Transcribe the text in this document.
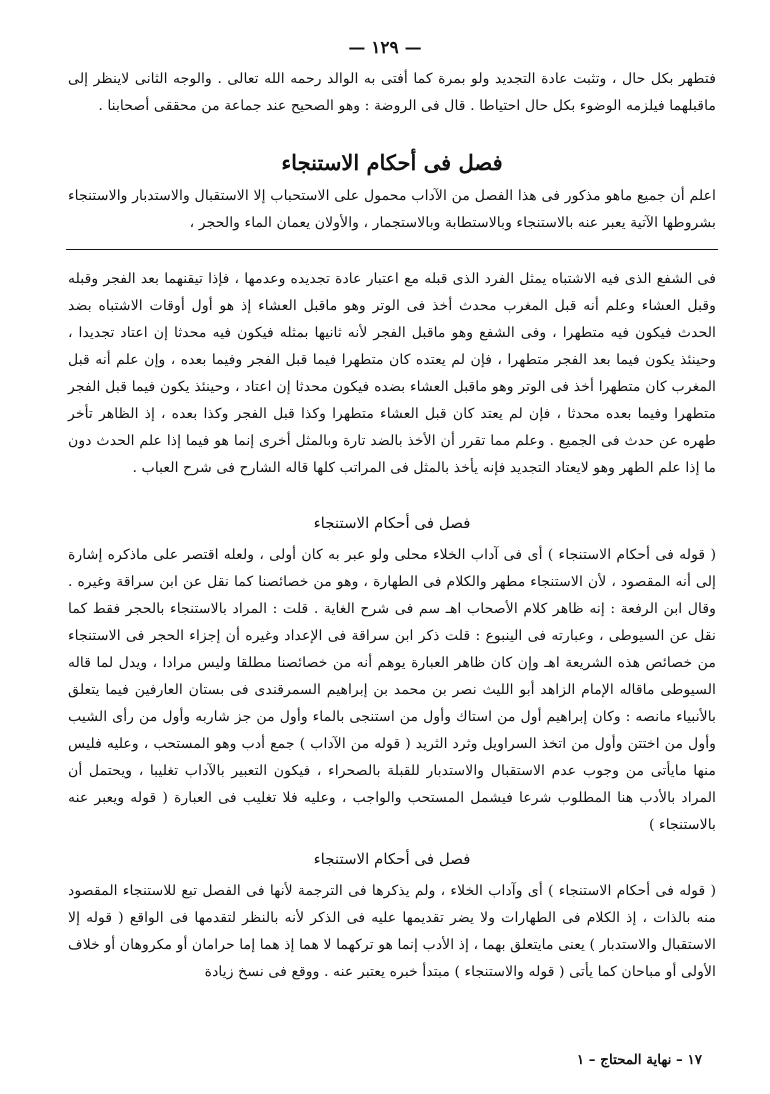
— ١٢٩ —

فتطهر بكل حال ، وتثبت عادة التجديد ولو بمرة كما أفتى به الوالد رحمه الله تعالى . والوجه الثانى لاينظر إلى ماقبلهما فيلزمه الوضوء بكل حال احتياطا . قال فى الروضة : وهو الصحيح عند جماعة من محققى أصحابنا .

فصل فى أحكام الاستنجاء

اعلم أن جميع ماهو مذكور فى هذا الفصل من الآداب محمول على الاستحباب إلا الاستقبال والاستدبار والاستنجاء بشروطها الآتية يعبر عنه بالاستنجاء وبالاستطابة وبالاستجمار ، والأولان يعمان الماء والحجر ،

فى الشفع الذى فيه الاشتباه يمثل الفرد الذى قبله مع اعتبار عادة تجديده وعدمها ، فإذا تيقنهما بعد الفجر وقبله وقبل العشاء وعلم أنه قبل المغرب محدث أخذ فى الوتر وهو ماقبل العشاء إذ هو أول أوقات الاشتباه بضد الحدث فيكون فيه متطهرا ، وفى الشفع وهو ماقبل الفجر لأنه ثانيها بمثله فيكون فيه محدثا إن اعتاد تجديدا ، وحينئذ يكون فيما بعد الفجر متطهرا ، فإن لم يعتده كان متطهرا فيما قبل الفجر وفيما بعده ، وإن علم أنه قبل المغرب كان متطهرا أخذ فى الوتر وهو ماقبل العشاء بضده فيكون محدثا إن اعتاد ، وحينئذ يكون فيما قبل الفجر متطهرا وفيما بعده محدثا ، فإن لم يعتد كان قبل العشاء متطهرا وكذا قبل الفجر وكذا بعده ، إذ الظاهر تأخر طهره عن حدث فى الجميع . وعلم مما تقرر أن الأخذ بالضد تارة وبالمثل أخرى إنما هو فيما إذا علم الحدث دون ما إذا علم الطهر وهو لايعتاد التجديد فإنه يأخذ بالمثل فى المراتب كلها قاله الشارح فى شرح العباب .

فصل فى أحكام الاستنجاء

( قوله فى أحكام الاستنجاء ) أى فى آداب الخلاء محلى ولو عبر به كان أولى ، ولعله اقتصر على ماذكره إشارة إلى أنه المقصود ، لأن الاستنجاء مطهر والكلام فى الطهارة ، وهو من خصائصنا كما نقل عن ابن سراقة وغيره . وقال ابن الرفعة : إنه ظاهر كلام الأصحاب اهـ سم فى شرح الغاية . قلت : المراد بالاستنجاء بالحجر فقط كما نقل عن السيوطى ، وعبارته فى الينبوع : قلت ذكر ابن سراقة فى الإعداد وغيره أن إجزاء الحجر فى الاستنجاء من خصائص هذه الشريعة اهـ وإن كان ظاهر العبارة يوهم أنه من خصائصنا مطلقا وليس مرادا ، ويدل لما قاله السيوطى ماقاله الإمام الزاهد أبو الليث نصر بن محمد بن إبراهيم السمرقندى فى بستان العارفين فيما يتعلق بالأنبياء مانصه : وكان إبراهيم أول من استاك وأول من استنجى بالماء وأول من جز شاربه وأول من رأى الشيب وأول من اختتن وأول من اتخذ السراويل وثرد الثريد ( قوله من الآداب ) جمع أدب وهو المستحب ، وعليه فليس منها مايأتى من وجوب عدم الاستقبال والاستدبار للقبلة بالصحراء ، فيكون التعبير بالآداب تغليبا ، ويحتمل أن المراد بالأدب هنا المطلوب شرعا فيشمل المستحب والواجب ، وعليه فلا تغليب فى العبارة ( قوله ويعبر عنه بالاستنجاء )

فصل فى أحكام الاستنجاء

( قوله فى أحكام الاستنجاء ) أى وآداب الخلاء ، ولم يذكرها فى الترجمة لأنها فى الفصل تبع للاستنجاء المقصود منه بالذات ، إذ الكلام فى الطهارات ولا يضر تقديمها عليه فى الذكر لأنه بالنظر لتقدمها فى الواقع ( قوله إلا الاستقبال والاستدبار ) يعنى مايتعلق بهما ، إذ الأدب إنما هو تركهما لا هما إذ هما إما حرامان أو مكروهان أو خلاف الأولى أو مباحان كما يأتى ( قوله والاستنجاء ) مبتدأ خبره يعتبر عنه . ووقع فى نسخ زيادة

١٧ – نهاية المحتاج – ١
